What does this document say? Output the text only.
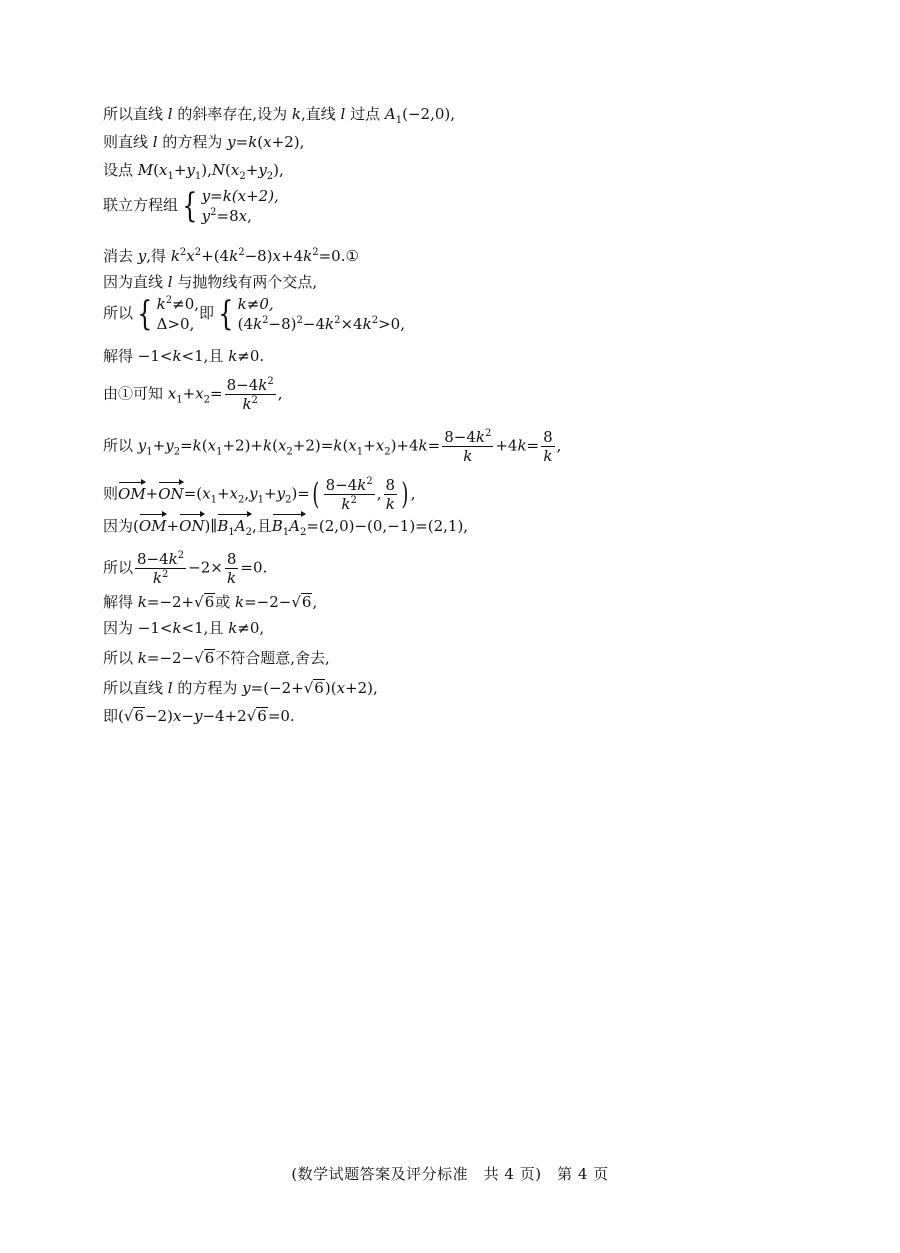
所以直线 l 的斜率存在,设为 k,直线 l 过点 $A_1(-2,0)$,
则直线 l 的方程为 y=k(x+2),
设点 $M(x_1+y_1),N(x_2+y_2)$,
联立方程组 { y=k(x+2),
$y^2=8x$,
消去 y,得 $k^2x^2+(4k^2-8)x+4k^2=0.①$
因为直线 l 与抛物线有两个交点,
所以 { $k^2\ne 0$,
Δ>0,
即 { k≠0,
$(4k^2-8)^2-4k^2\times 4k^2>0$,
解得 −1<k<1,且 k≠0.
由①可知 $x_1+x_2= \frac{8-4k^2}{k^2}$ ,
所以 $y_1+y_2=k(x_1+2)+k(x_2+2)=k(x_1+x_2)+4k= \frac{8-4k^2}{k} +4k= \frac{8}{k}$ ,
则$OM+ON=(x_1+x_2,y_1+y_2)=( \frac{8-4k^2}{k^2}$ , $\frac{8}{k}$ ) ,
因为$(OM+ON)\parallel B_1A_2$,且$B_1A_2=(2,0)-(0,-1)=(2,1)$,
所以 $\frac{8-4k^2}{k^2} -2\times \frac{8}{k} =0$.
解得 k=−2+√6或 k=−2−√6,
因为 −1<k<1,且 k≠0,
所以 k=−2−√6不符合题意,舍去,
所以直线 l 的方程为 y=(−2+√6)(x+2),
即(√6−2)x−y−4+2√6=0.
(数学试题答案及评分标准　共 4 页)　第 4 页
